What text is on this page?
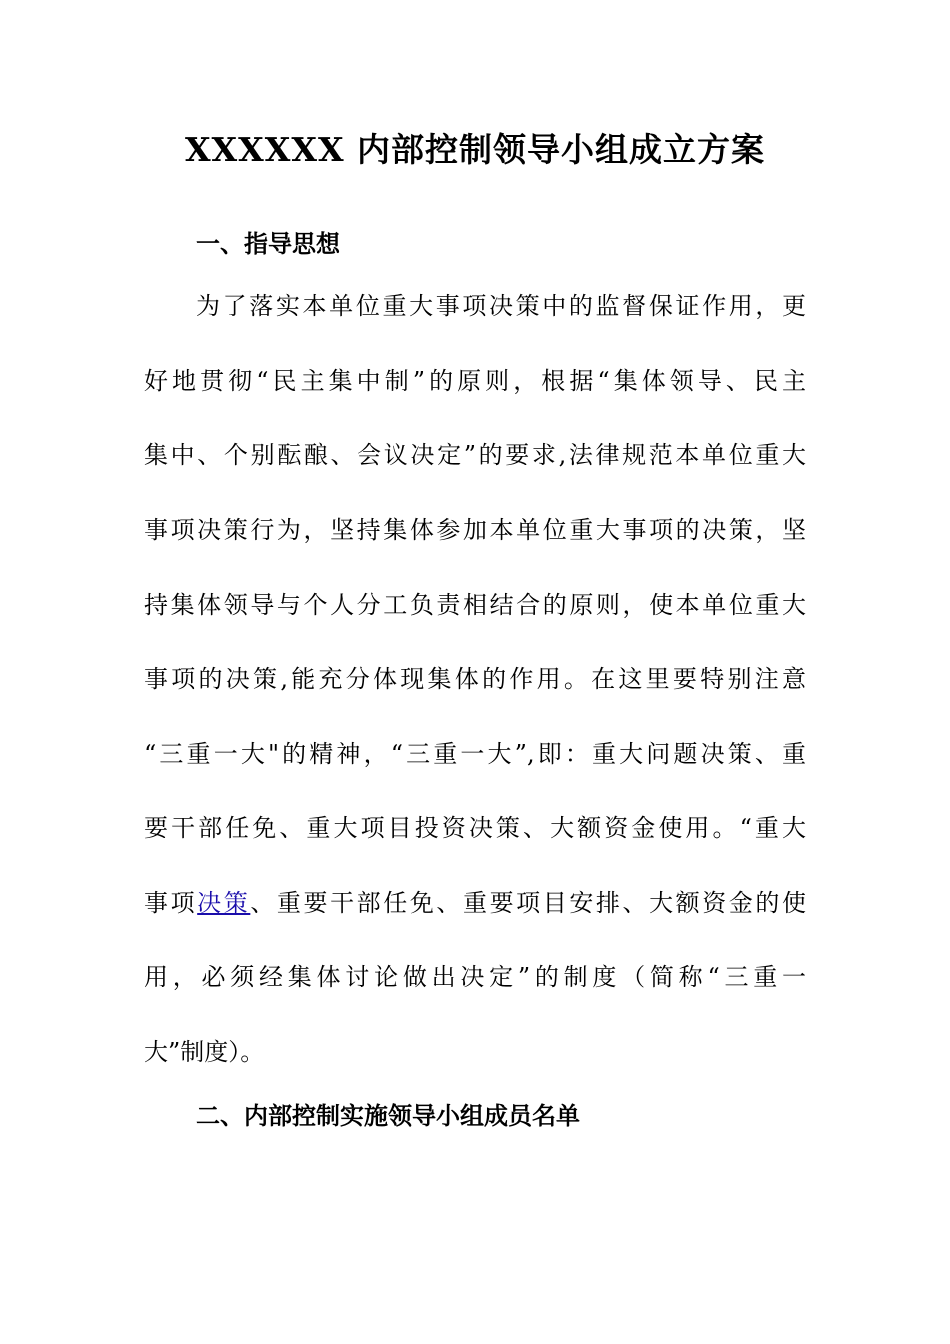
XXXXXX 内部控制领导小组成立方案
一、指导思想
为了落实本单位重大事项决策中的监督保证作用，更
好地贯彻“民主集中制”的原则，根据“集体领导、民主
集中、个别酝酿、会议决定”的要求,法律规范本单位重大
事项决策行为，坚持集体参加本单位重大事项的决策，坚
持集体领导与个人分工负责相结合的原则，使本单位重大
事项的决策,能充分体现集体的作用。在这里要特别注意
“三重一大"的精神，“三重一大”,即：重大问题决策、重
要干部任免、重大项目投资决策、大额资金使用。“重大
事项决策、重要干部任免、重要项目安排、大额资金的使
用，必须经集体讨论做出决定”的制度（简称“三重一
大”制度）。
二、内部控制实施领导小组成员名单
